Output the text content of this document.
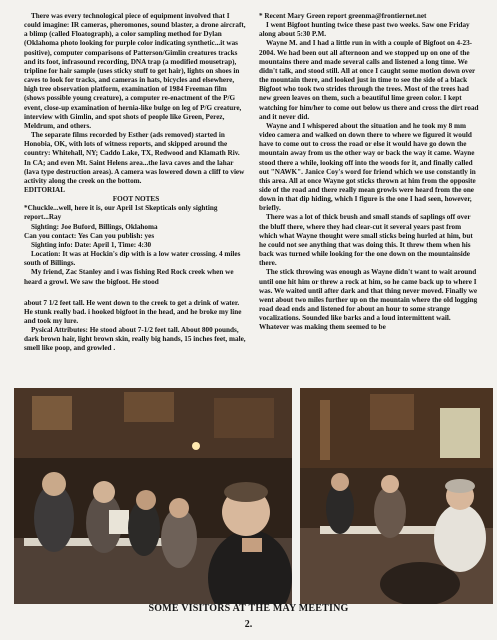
There was every technological piece of equipment involved that I could imagine: IR cameras, pheromones, sound blaster, a drone aircraft, a blimp (called Floatograph), a color sampling method for Dylan (Oklahoma photo looking for purple color indicating synthetic...it was positive), computer comparisons of Patterson/Gimlin creatures tracks and its foot, infrasound recording, DNA trap (a modified mousetrap), tripline for hair sample (uses sticky stuff to get hair), lights on shoes in caves to look for tracks, and cameras in hats, bicycles and elsewhere, high tree observation platform, examination of 1984 Freeman film (shows possible young creature), a computer re-enactment of the P/G event, close-up examination of hernia-like bulge on leg of P/G creature, interview with Gimlin, and spot shots of people like Green, Perez, Meldrum, and others.

The separate films recorded by Esther (ads removed) started in Honobia, OK, with lots of witness reports, and skipped around the country: Whitehall, NY; Caddo Lake, TX, Redwood and Klamath Riv. In CA; and even Mt. Saint Helens area...the lava caves and the lahar (lava type destruction areas). A camera was lowered down a cliff to view activity along the creek on the bottom.

EDITORIAL

FOOT NOTES

*Chuckle...well, here it is, our April 1st Skepticals only sighting report...Ray

Sighting: Joe Buford, Billings, Oklahoma

Can you contact: Yes Can you publish: yes

Sighting info: Date: April 1, Time: 4:30

Location: It was at Hockin's dip with is a low water crossing. 4 miles south of Billings.

My friend, Zac Stanley and i was fishing Red Rock creek when we heard a growl. We saw the bigfoot. He stood

about 7 1/2 feet tall. He went down to the creek to get a drink of water. He stunk really bad. i hooked bigfoot in the head, and he broke my line and took my lure.

Pysical Attributes: He stood about 7-1/2 feet tall. About 800 pounds, dark brown hair, light brown skin, really big hands, 15 inches feet, male, smell like poop, and growled .

* Recent Mary Green report greenma@frontiernet.net

I went Bigfoot hunting twice these past two weeks. Saw one Friday along about 5:30 P.M.

Wayne M. and I had a little run in with a couple of Bigfoot on 4-23-2004. We had been out all afternoon and we stopped up on one of the mountains there and made several calls and listened a long time. We didn't talk, and stood still. All at once I caught some motion down over the mountain there, and looked just in time to see the side of a black Bigfoot who took two strides through the trees. Most of the trees had new green leaves on them, such a beautiful lime green color. I kept watching for him/her to come out below us there and cross the dirt road and it never did.

Wayne and I whispered about the situation and he took my 8 mm video camera and walked on down there to where we figured it would have to come out to cross the road or else it would have go down the mountain away from us the other way or back the way it came. Wayne stood there a while, looking off into the woods for it, and finally called out "NAWK". Janice Coy's word for friend which we use constantly in this area. All at once Wayne got sticks thrown at him from the opposite side of the road and there really mean growls were heard from the one down in that dip hiding, which I figure is the one I had seen, however, briefly.

There was a lot of thick brush and small stands of saplings off over the bluff there, where they had clear-cut it several years past from which what Wayne thought were small sticks being hurled at him, but he could not see anything that was doing this. It threw them when his back was turned while looking for the one down on the mountainside there.

The stick throwing was enough as Wayne didn't want to wait around until one hit him or threw a rock at him, so he came back up to where I was. We waited until after dark and that thing never moved. Finally we went about two miles further up on the mountain where the old logging road dead ends and listened for about an hour to some strange vocalizations. Sounded like barks and a loud intermittent wail. Whatever was making them seemed to be

SOME VISITORS AT THE MAY MEETING
2.
